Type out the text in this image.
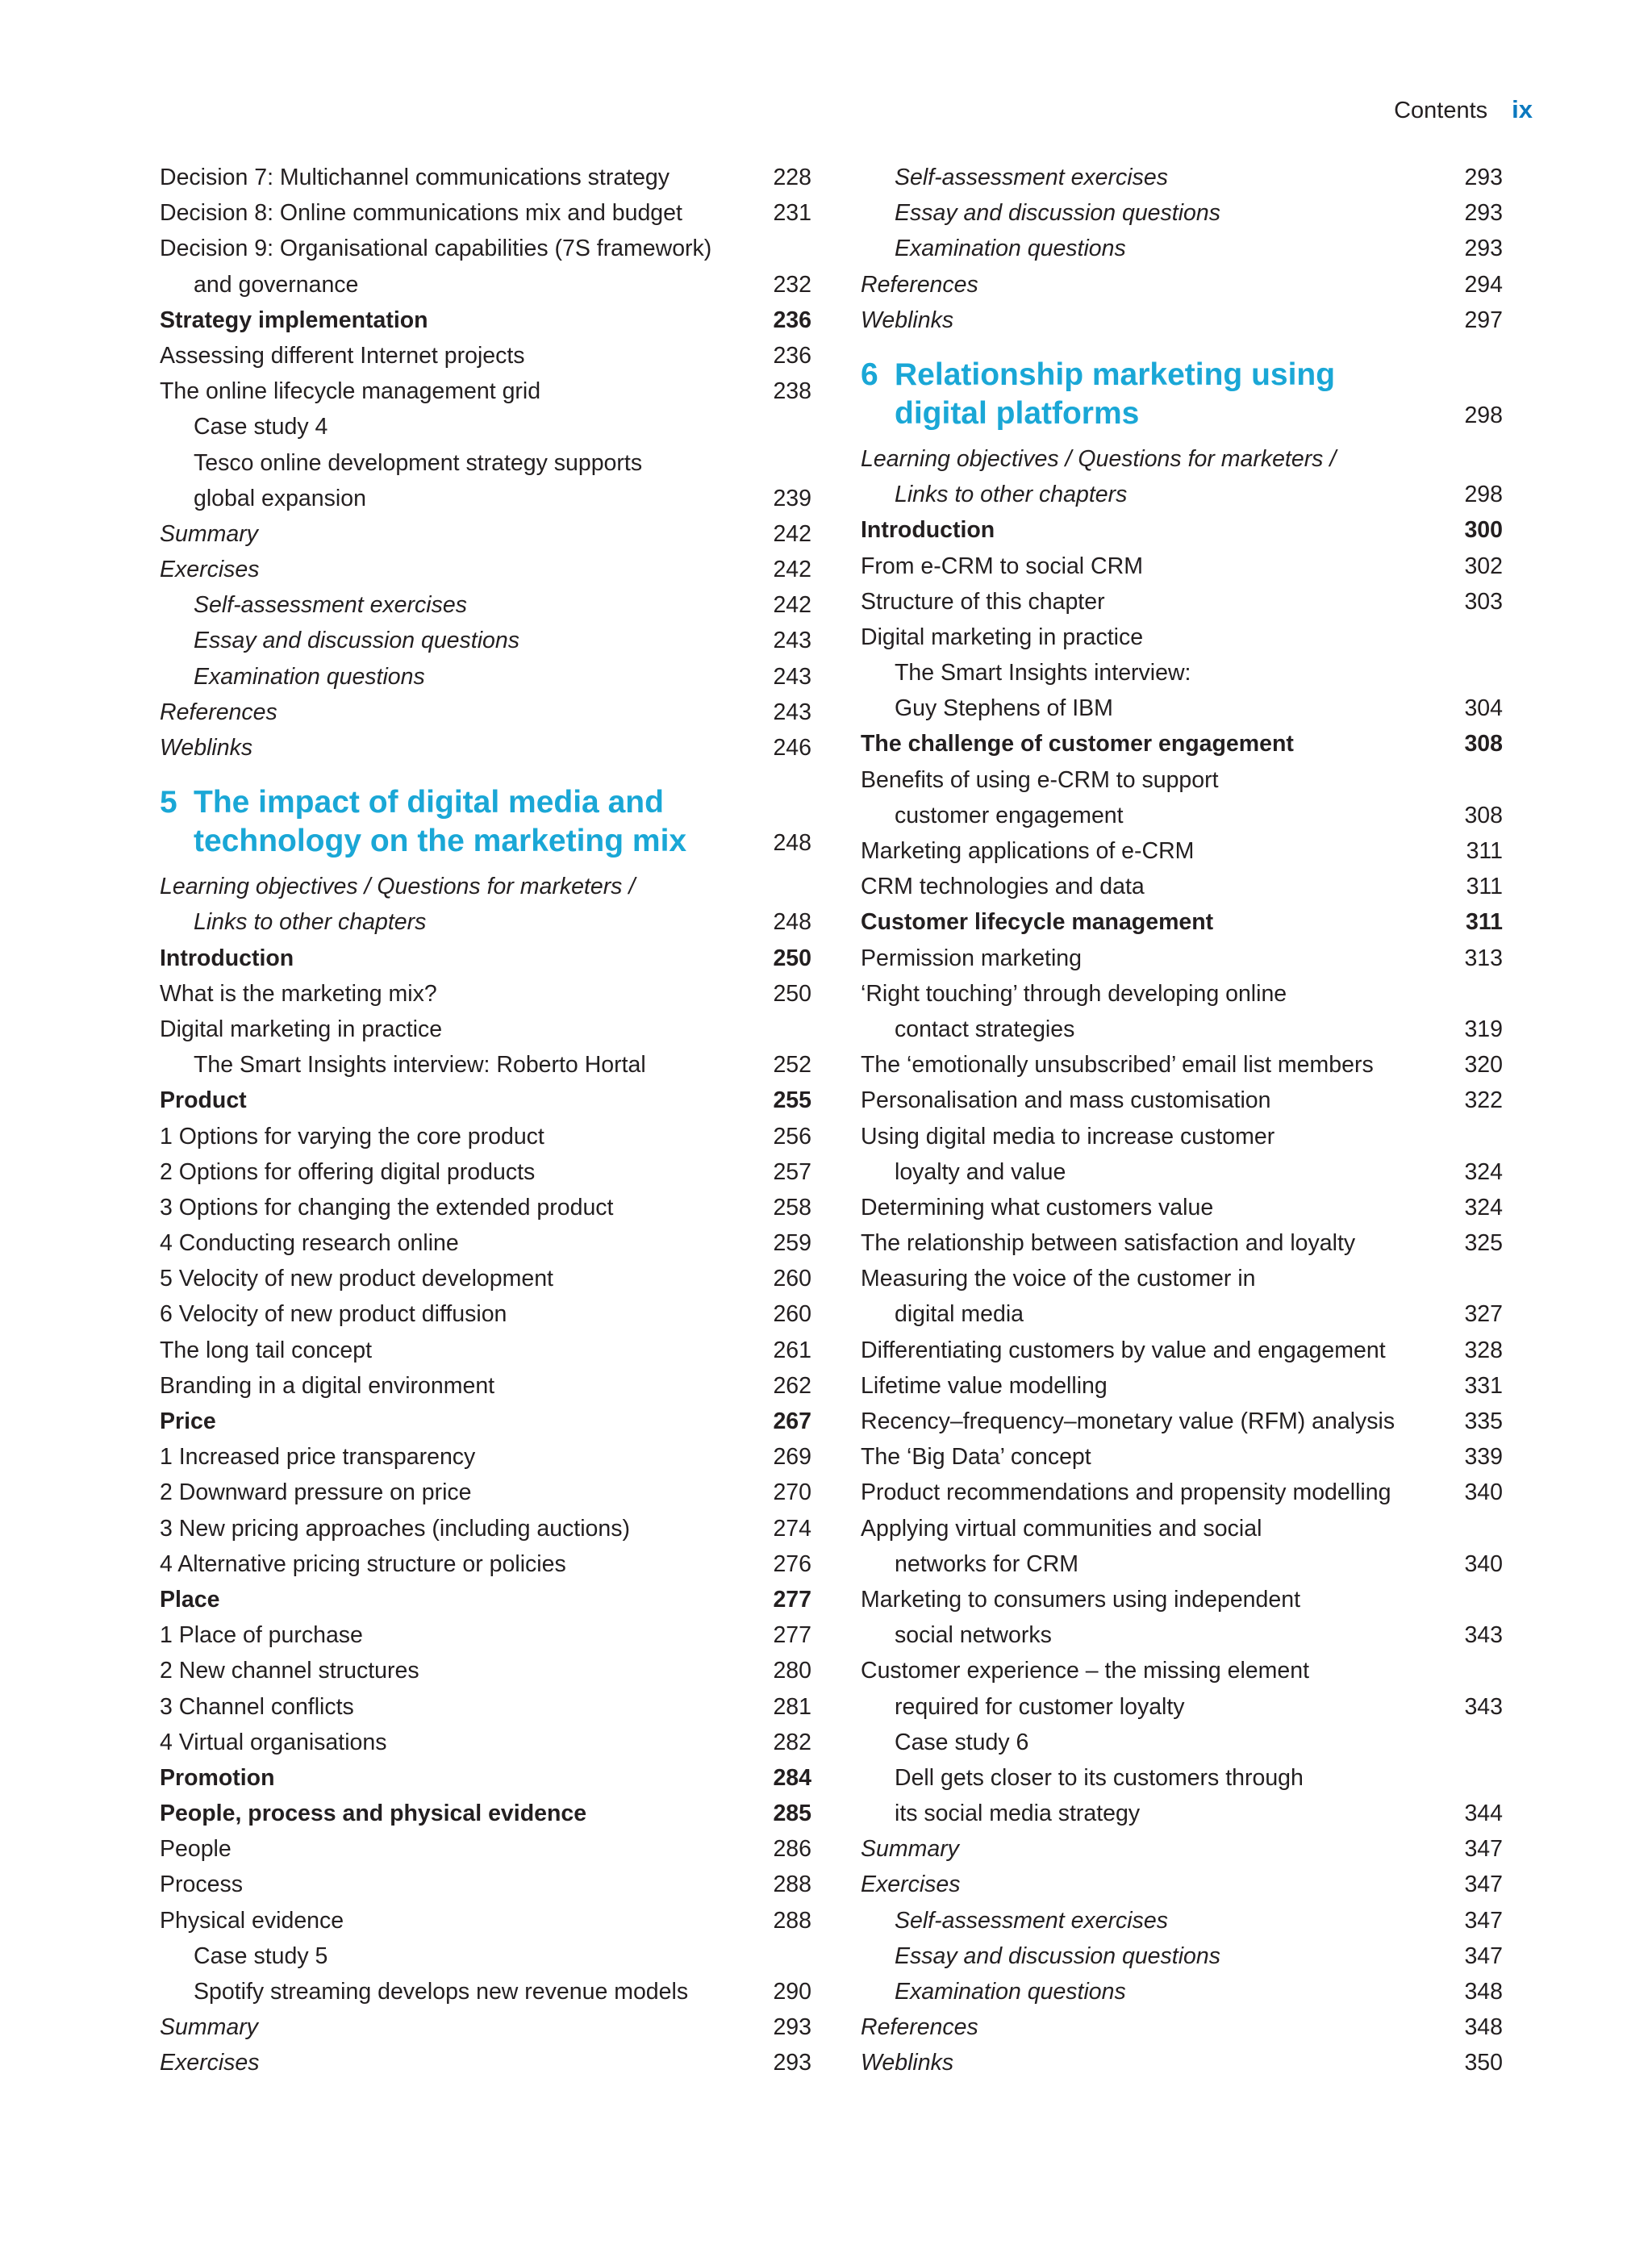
Contents ix
Decision 7: Multichannel communications strategy	228
Decision 8: Online communications mix and budget	231
Decision 9: Organisational capabilities (7S framework)
and governance	232
Strategy implementation	236
Assessing different Internet projects	236
The online lifecycle management grid	238
Case study 4
Tesco online development strategy supports
global expansion	239
Summary	242
Exercises	242
Self-assessment exercises	242
Essay and discussion questions	243
Examination questions	243
References	243
Weblinks	246
5 The impact of digital media and
technology on the marketing mix	248
Learning objectives / Questions for marketers /
Links to other chapters	248
Introduction	250
What is the marketing mix?	250
Digital marketing in practice
The Smart Insights interview: Roberto Hortal	252
Product	255
1 Options for varying the core product	256
2 Options for offering digital products	257
3 Options for changing the extended product	258
4 Conducting research online	259
5 Velocity of new product development	260
6 Velocity of new product diffusion	260
The long tail concept	261
Branding in a digital environment	262
Price	267
1 Increased price transparency	269
2 Downward pressure on price	270
3 New pricing approaches (including auctions)	274
4 Alternative pricing structure or policies	276
Place	277
1 Place of purchase	277
2 New channel structures	280
3 Channel conflicts	281
4 Virtual organisations	282
Promotion	284
People, process and physical evidence	285
People	286
Process	288
Physical evidence	288
Case study 5
Spotify streaming develops new revenue models	290
Summary	293
Exercises	293
Self-assessment exercises	293
Essay and discussion questions	293
Examination questions	293
References	294
Weblinks	297
6 Relationship marketing using
digital platforms	298
Learning objectives / Questions for marketers /
Links to other chapters	298
Introduction	300
From e-CRM to social CRM	302
Structure of this chapter	303
Digital marketing in practice
The Smart Insights interview:
Guy Stephens of IBM	304
The challenge of customer engagement	308
Benefits of using e-CRM to support
customer engagement	308
Marketing applications of e-CRM	311
CRM technologies and data	311
Customer lifecycle management	311
Permission marketing	313
‘Right touching’ through developing online
contact strategies	319
The ‘emotionally unsubscribed’ email list members	320
Personalisation and mass customisation	322
Using digital media to increase customer
loyalty and value	324
Determining what customers value	324
The relationship between satisfaction and loyalty	325
Measuring the voice of the customer in
digital media	327
Differentiating customers by value and engagement	328
Lifetime value modelling	331
Recency–frequency–monetary value (RFM) analysis	335
The ‘Big Data’ concept	339
Product recommendations and propensity modelling	340
Applying virtual communities and social
networks for CRM	340
Marketing to consumers using independent
social networks	343
Customer experience – the missing element
required for customer loyalty	343
Case study 6
Dell gets closer to its customers through
its social media strategy	344
Summary	347
Exercises	347
Self-assessment exercises	347
Essay and discussion questions	347
Examination questions	348
References	348
Weblinks	350
